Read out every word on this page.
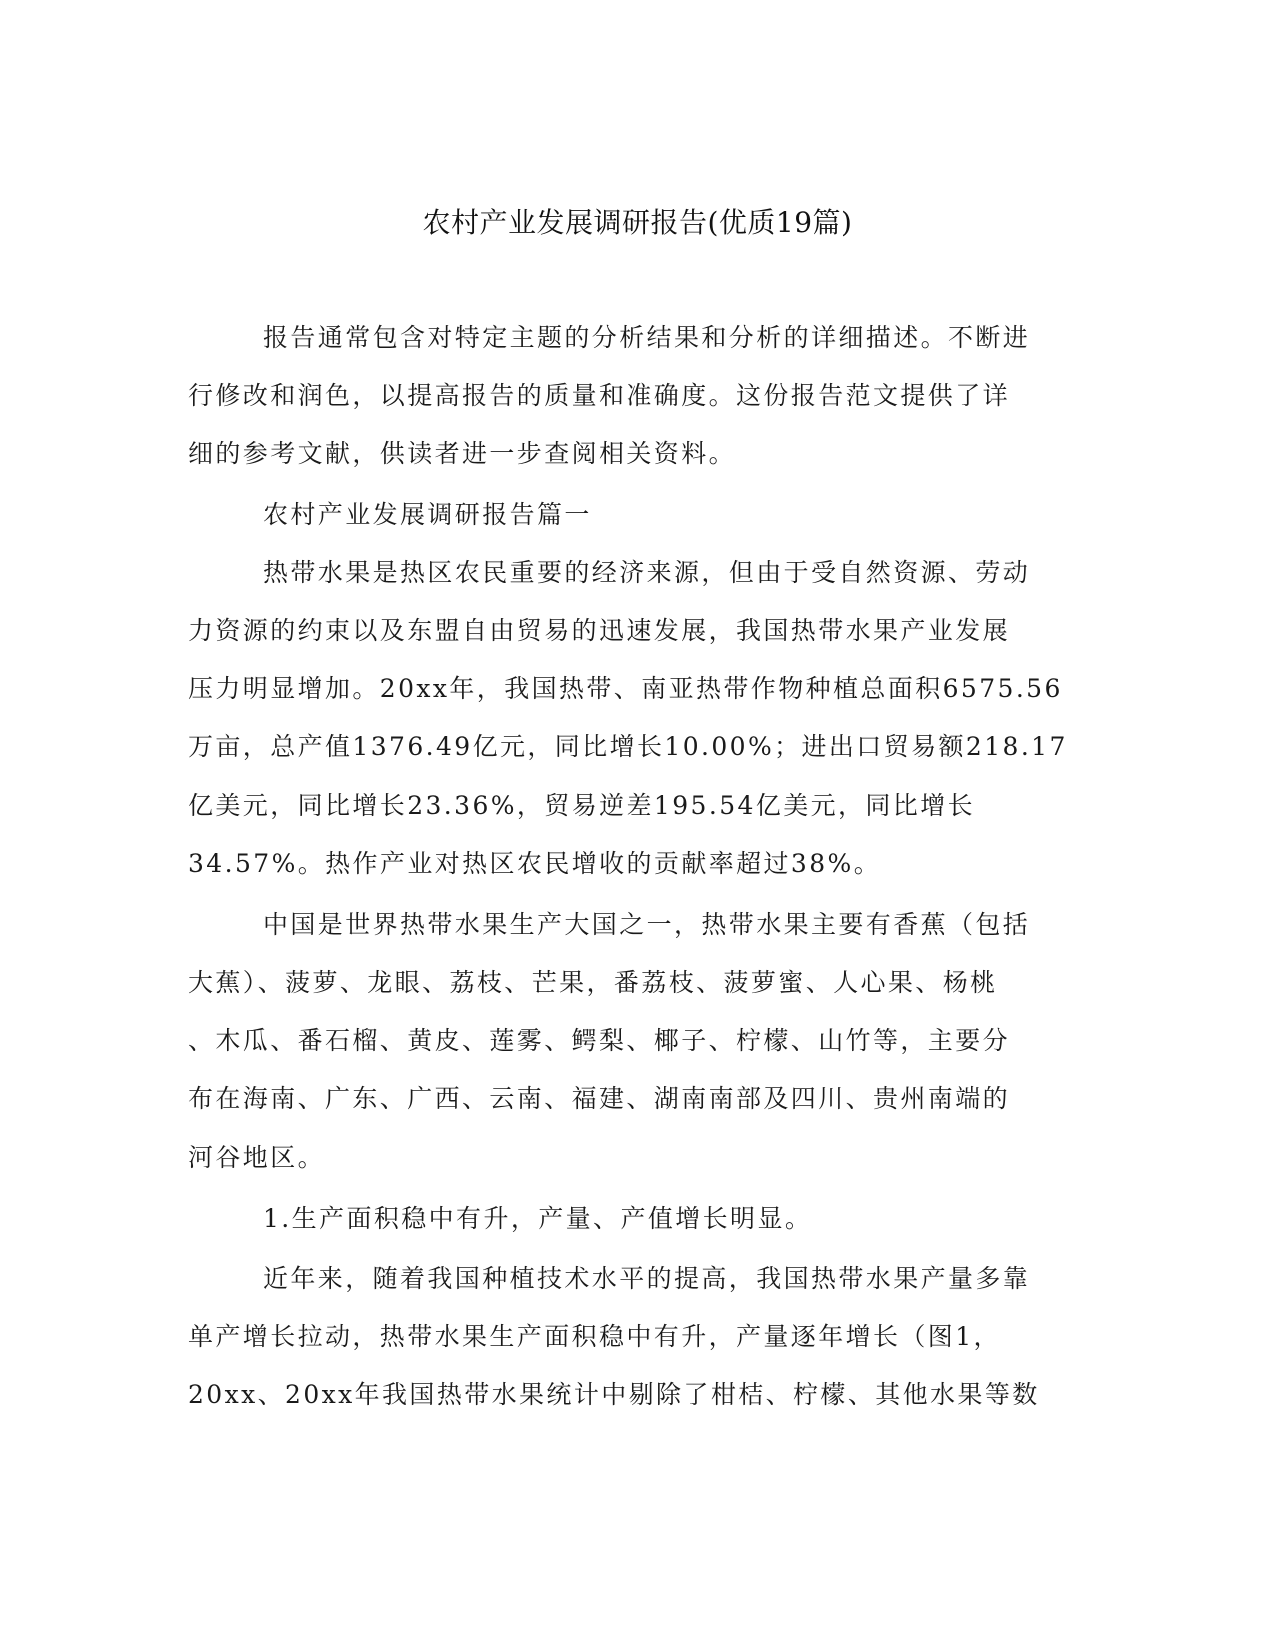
农村产业发展调研报告(优质19篇)
报告通常包含对特定主题的分析结果和分析的详细描述。不断进
行修改和润色，以提高报告的质量和准确度。这份报告范文提供了详
细的参考文献，供读者进一步查阅相关资料。
农村产业发展调研报告篇一
热带水果是热区农民重要的经济来源，但由于受自然资源、劳动
力资源的约束以及东盟自由贸易的迅速发展，我国热带水果产业发展
压力明显增加。20xx年，我国热带、南亚热带作物种植总面积6575.56
万亩，总产值1376.49亿元，同比增长10.00%；进出口贸易额218.17
亿美元，同比增长23.36%，贸易逆差195.54亿美元，同比增长
34.57%。热作产业对热区农民增收的贡献率超过38%。
中国是世界热带水果生产大国之一，热带水果主要有香蕉（包括
大蕉）、菠萝、龙眼、荔枝、芒果，番荔枝、菠萝蜜、人心果、杨桃
、木瓜、番石榴、黄皮、莲雾、鳄梨、椰子、柠檬、山竹等，主要分
布在海南、广东、广西、云南、福建、湖南南部及四川、贵州南端的
河谷地区。
1.生产面积稳中有升，产量、产值增长明显。
近年来，随着我国种植技术水平的提高，我国热带水果产量多靠
单产增长拉动，热带水果生产面积稳中有升，产量逐年增长（图1，
20xx、20xx年我国热带水果统计中剔除了柑桔、柠檬、其他水果等数
